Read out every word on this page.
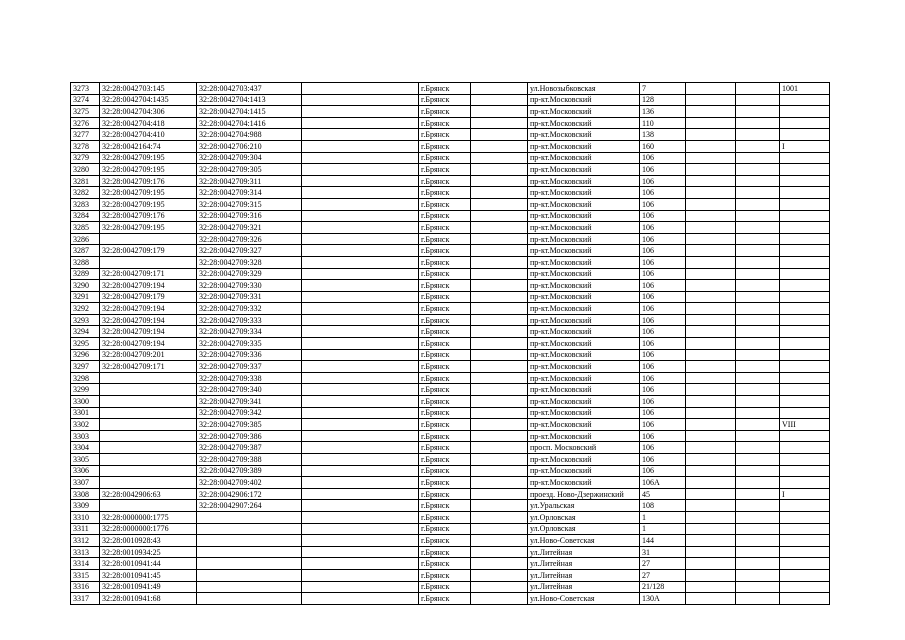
3273	32:28:0042703:145	32:28:0042703:437		г.Брянск		ул.Новозыбковская	7			1001
3274	32:28:0042704:1435	32:28:0042704:1413		г.Брянск		пр-кт.Московский	128			
3275	32:28:0042704:306	32:28:0042704:1415		г.Брянск		пр-кт.Московский	136			
3276	32:28:0042704:418	32:28:0042704:1416		г.Брянск		пр-кт.Московский	110			
3277	32:28:0042704:410	32:28:0042704:988		г.Брянск		пр-кт.Московский	138			
3278	32:28:0042164:74	32:28:0042706:210		г.Брянск		пр-кт.Московский	160			I
3279	32:28:0042709:195	32:28:0042709:304		г.Брянск		пр-кт.Московский	106			
3280	32:28:0042709:195	32:28:0042709:305		г.Брянск		пр-кт.Московский	106			
3281	32:28:0042709:176	32:28:0042709:311		г.Брянск		пр-кт.Московский	106			
3282	32:28:0042709:195	32:28:0042709:314		г.Брянск		пр-кт.Московский	106			
3283	32:28:0042709:195	32:28:0042709:315		г.Брянск		пр-кт.Московский	106			
3284	32:28:0042709:176	32:28:0042709:316		г.Брянск		пр-кт.Московский	106			
3285	32:28:0042709:195	32:28:0042709:321		г.Брянск		пр-кт.Московский	106			
3286		32:28:0042709:326		г.Брянск		пр-кт.Московский	106			
3287	32:28:0042709:179	32:28:0042709:327		г.Брянск		пр-кт.Московский	106			
3288		32:28:0042709:328		г.Брянск		пр-кт.Московский	106			
3289	32:28:0042709:171	32:28:0042709:329		г.Брянск		пр-кт.Московский	106			
3290	32:28:0042709:194	32:28:0042709:330		г.Брянск		пр-кт.Московский	106			
3291	32:28:0042709:179	32:28:0042709:331		г.Брянск		пр-кт.Московский	106			
3292	32:28:0042709:194	32:28:0042709:332		г.Брянск		пр-кт.Московский	106			
3293	32:28:0042709:194	32:28:0042709:333		г.Брянск		пр-кт.Московский	106			
3294	32:28:0042709:194	32:28:0042709:334		г.Брянск		пр-кт.Московский	106			
3295	32:28:0042709:194	32:28:0042709:335		г.Брянск		пр-кт.Московский	106			
3296	32:28:0042709:201	32:28:0042709:336		г.Брянск		пр-кт.Московский	106			
3297	32:28:0042709:171	32:28:0042709:337		г.Брянск		пр-кт.Московский	106			
3298		32:28:0042709:338		г.Брянск		пр-кт.Московский	106			
3299		32:28:0042709:340		г.Брянск		пр-кт.Московский	106			
3300		32:28:0042709:341		г.Брянск		пр-кт.Московский	106			
3301		32:28:0042709:342		г.Брянск		пр-кт.Московский	106			
3302		32:28:0042709:385		г.Брянск		пр-кт.Московский	106			VIII
3303		32:28:0042709:386		г.Брянск		пр-кт.Московский	106			
3304		32:28:0042709:387		г.Брянск		просп. Московский	106			
3305		32:28:0042709:388		г.Брянск		пр-кт.Московский	106			
3306		32:28:0042709:389		г.Брянск		пр-кт.Московский	106			
3307		32:28:0042709:402		г.Брянск		пр-кт.Московский	106А			
3308	32:28:0042906:63	32:28:0042906:172		г.Брянск		проезд. Ново-Дзержинский	45			I
3309		32:28:0042907:264		г.Брянск		ул.Уральская	108			
3310	32:28:0000000:1775			г.Брянск		ул.Орловская	1			
3311	32:28:0000000:1776			г.Брянск		ул.Орловская	1			
3312	32:28:0010928:43			г.Брянск		ул.Ново-Советская	144			
3313	32:28:0010934:25			г.Брянск		ул.Литейная	31			
3314	32:28:0010941:44			г.Брянск		ул.Литейная	27			
3315	32:28:0010941:45			г.Брянск		ул.Литейная	27			
3316	32:28:0010941:49			г.Брянск		ул.Литейная	21/128			
3317	32:28:0010941:68			г.Брянск		ул.Ново-Советская	130А			
